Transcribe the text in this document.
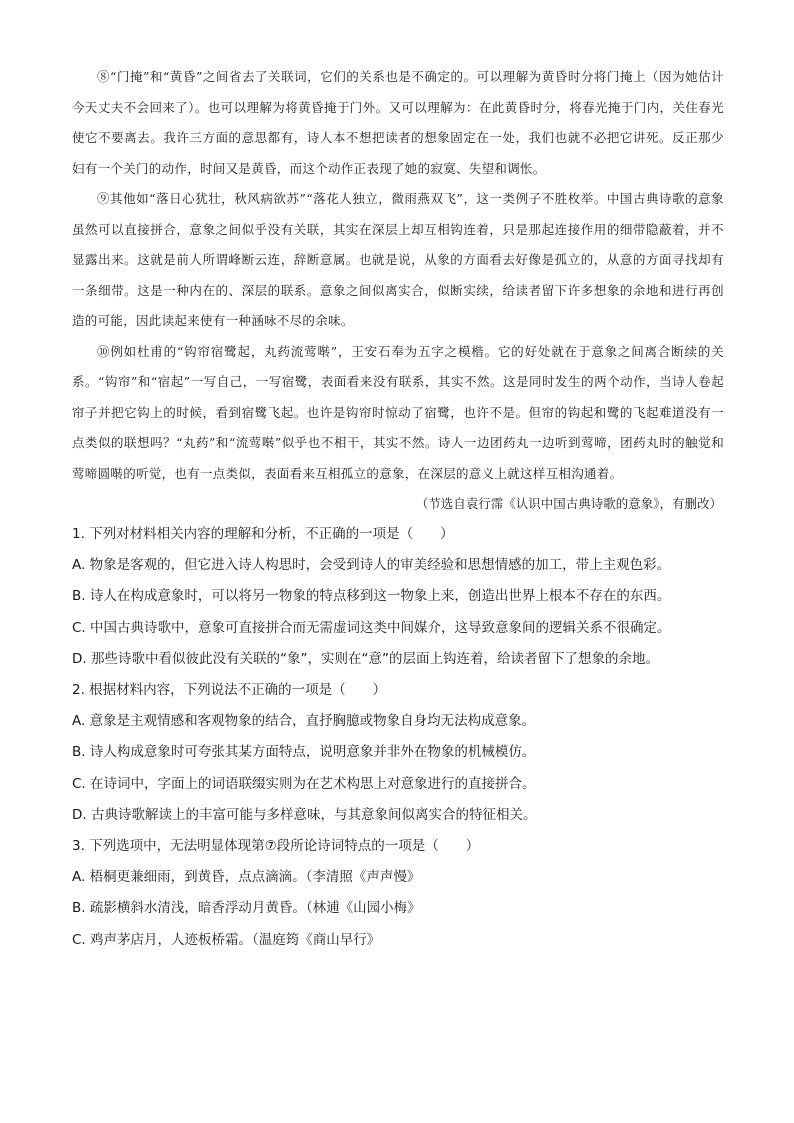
⑧“门掩”和“黄昏”之间省去了关联词，它们的关系也是不确定的。可以理解为黄昏时分将门掩上（因为她估计今天丈夫不会回来了）。也可以理解为将黄昏掩于门外。又可以理解为：在此黄昏时分，将春光掩于门内，关住春光使它不要离去。我许三方面的意思都有，诗人本不想把读者的想象固定在一处，我们也就不必把它讲死。反正那少妇有一个关门的动作，时间又是黄昏，而这个动作正表现了她的寂寞、失望和调怅。

⑨其他如“落日心犹壮，秋风病欲苏”“落花人独立，微雨燕双飞”，这一类例子不胜枚举。中国古典诗歌的意象虽然可以直接拼合，意象之间似乎没有关联，其实在深层上却互相钩连着，只是那起连接作用的细带隐蔽着，并不显露出来。这就是前人所谓峰断云连，辞断意属。也就是说，从象的方面看去好像是孤立的，从意的方面寻找却有一条细带。这是一种内在的、深层的联系。意象之间似离实合，似断实续，给读者留下许多想象的余地和进行再创造的可能，因此读起来使有一种涵咏不尽的余味。

⑩例如杜甫的“钩帘宿鹭起，丸药流莺啭”，王安石奉为五字之模楷。它的好处就在于意象之间离合断续的关系。“钩帘”和“宿起”一写自己，一写宿鹭，表面看来没有联系，其实不然。这是同时发生的两个动作，当诗人卷起帘子并把它钩上的时候，看到宿鹭飞起。也许是钩帘时惊动了宿鹭，也许不是。但帘的钩起和鹭的飞起难道没有一点类似的联想吗？“丸药”和“流莺啭”似乎也不相干，其实不然。诗人一边团药丸一边听到莺啼，团药丸时的触觉和莺啼圆啭的听觉，也有一点类似，表面看来互相孤立的意象，在深层的意义上就这样互相沟通着。

（节选自袁行霈《认识中国古典诗歌的意象》，有删改）

1. 下列对材料相关内容的理解和分析，不正确的一项是（　　）

A. 物象是客观的，但它进入诗人构思时，会受到诗人的审美经验和思想情感的加工，带上主观色彩。

B. 诗人在构成意象时，可以将另一物象的特点移到这一物象上来，创造出世界上根本不存在的东西。

C. 中国古典诗歌中，意象可直接拼合而无需虚词这类中间媒介，这导致意象间的逻辑关系不很确定。

D. 那些诗歌中看似彼此没有关联的“象”，实则在“意”的层面上钩连着，给读者留下了想象的余地。

2. 根据材料内容，下列说法不正确的一项是（　　）

A. 意象是主观情感和客观物象的结合，直抒胸臆或物象自身均无法构成意象。

B. 诗人构成意象时可夸张其某方面特点，说明意象并非外在物象的机械模仿。

C. 在诗词中，字面上的词语联缀实则为在艺术构思上对意象进行的直接拼合。

D. 古典诗歌解读上的丰富可能与多样意味，与其意象间似离实合的特征相关。

3. 下列选项中，无法明显体现第⑦段所论诗词特点的一项是（　　）

A. 梧桐更兼细雨，到黄昏，点点滴滴。（李清照《声声慢》

B. 疏影横斜水清浅，暗香浮动月黄昏。（林逋《山园小梅》

C. 鸡声茅店月，人迹板桥霜。（温庭筠《商山早行》
